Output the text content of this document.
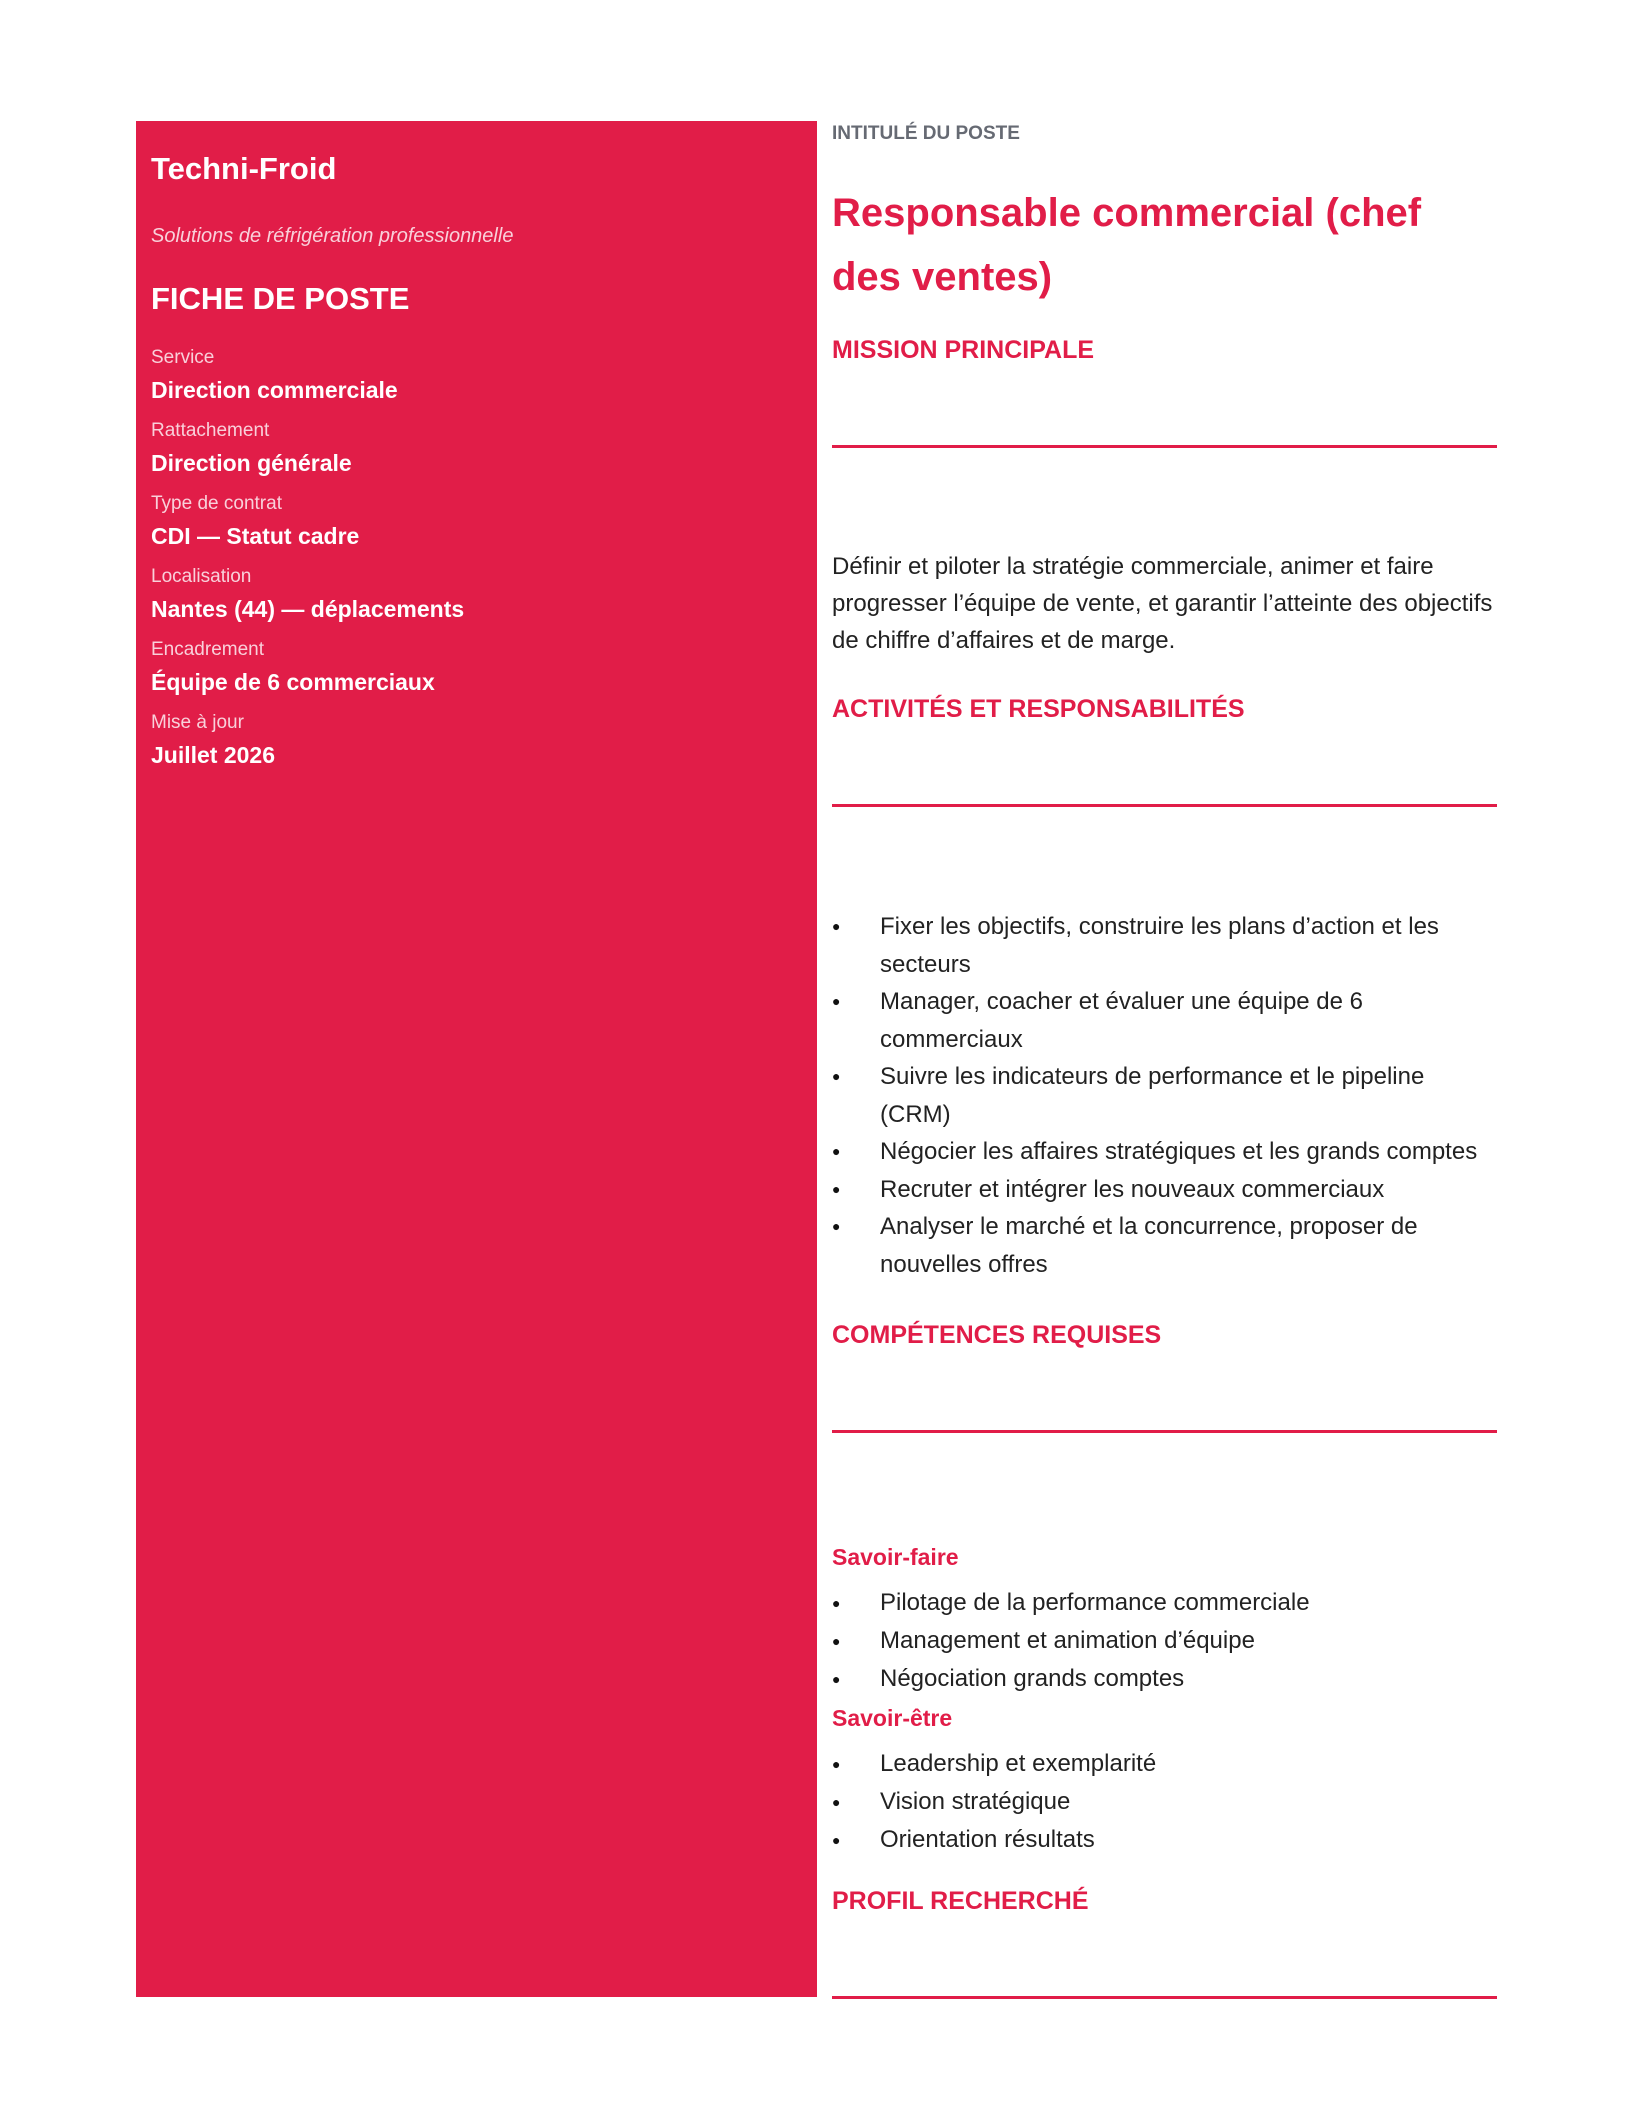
Techni-Froid
Solutions de réfrigération professionnelle
FICHE DE POSTE
Service
Direction commerciale
Rattachement
Direction générale
Type de contrat
CDI — Statut cadre
Localisation
Nantes (44) — déplacements
Encadrement
Équipe de 6 commerciaux
Mise à jour
Juillet 2026
INTITULÉ DU POSTE
Responsable commercial (chef des ventes)
MISSION PRINCIPALE
Définir et piloter la stratégie commerciale, animer et faire progresser l’équipe de vente, et garantir l’atteinte des objectifs de chiffre d’affaires et de marge.
ACTIVITÉS ET RESPONSABILITÉS
● Fixer les objectifs, construire les plans d’action et les secteurs
● Manager, coacher et évaluer une équipe de 6 commerciaux
● Suivre les indicateurs de performance et le pipeline (CRM)
● Négocier les affaires stratégiques et les grands comptes
● Recruter et intégrer les nouveaux commerciaux
● Analyser le marché et la concurrence, proposer de nouvelles offres
COMPÉTENCES REQUISES
Savoir-faire
● Pilotage de la performance commerciale
● Management et animation d’équipe
● Négociation grands comptes
Savoir-être
● Leadership et exemplarité
● Vision stratégique
● Orientation résultats
PROFIL RECHERCHÉ
